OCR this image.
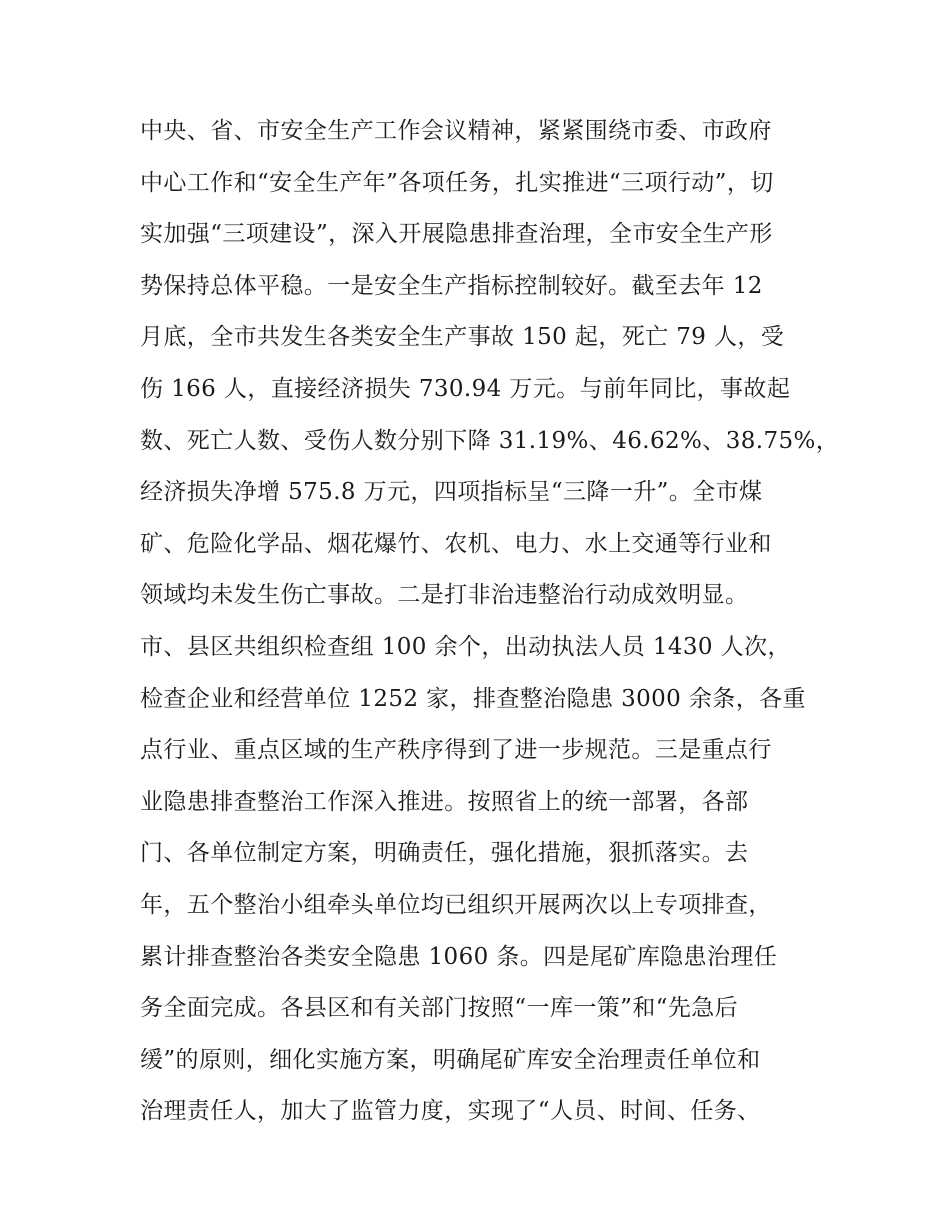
中央、省、市安全生产工作会议精神，紧紧围绕市委、市政府
中心工作和“安全生产年”各项任务，扎实推进“三项行动”，切
实加强“三项建设”，深入开展隐患排查治理，全市安全生产形
势保持总体平稳。一是安全生产指标控制较好。截至去年 12
月底，全市共发生各类安全生产事故 150 起，死亡 79 人，受
伤 166 人，直接经济损失 730.94 万元。与前年同比，事故起
数、死亡人数、受伤人数分别下降 31.19%、46.62%、38.75%，
经济损失净增 575.8 万元，四项指标呈“三降一升”。全市煤
矿、危险化学品、烟花爆竹、农机、电力、水上交通等行业和
领域均未发生伤亡事故。二是打非治违整治行动成效明显。
市、县区共组织检查组 100 余个，出动执法人员 1430 人次，
检查企业和经营单位 1252 家，排查整治隐患 3000 余条，各重
点行业、重点区域的生产秩序得到了进一步规范。三是重点行
业隐患排查整治工作深入推进。按照省上的统一部署，各部
门、各单位制定方案，明确责任，强化措施，狠抓落实。去
年，五个整治小组牵头单位均已组织开展两次以上专项排查，
累计排查整治各类安全隐患 1060 条。四是尾矿库隐患治理任
务全面完成。各县区和有关部门按照“一库一策”和“先急后
缓”的原则，细化实施方案，明确尾矿库安全治理责任单位和
治理责任人，加大了监管力度，实现了“人员、时间、任务、
